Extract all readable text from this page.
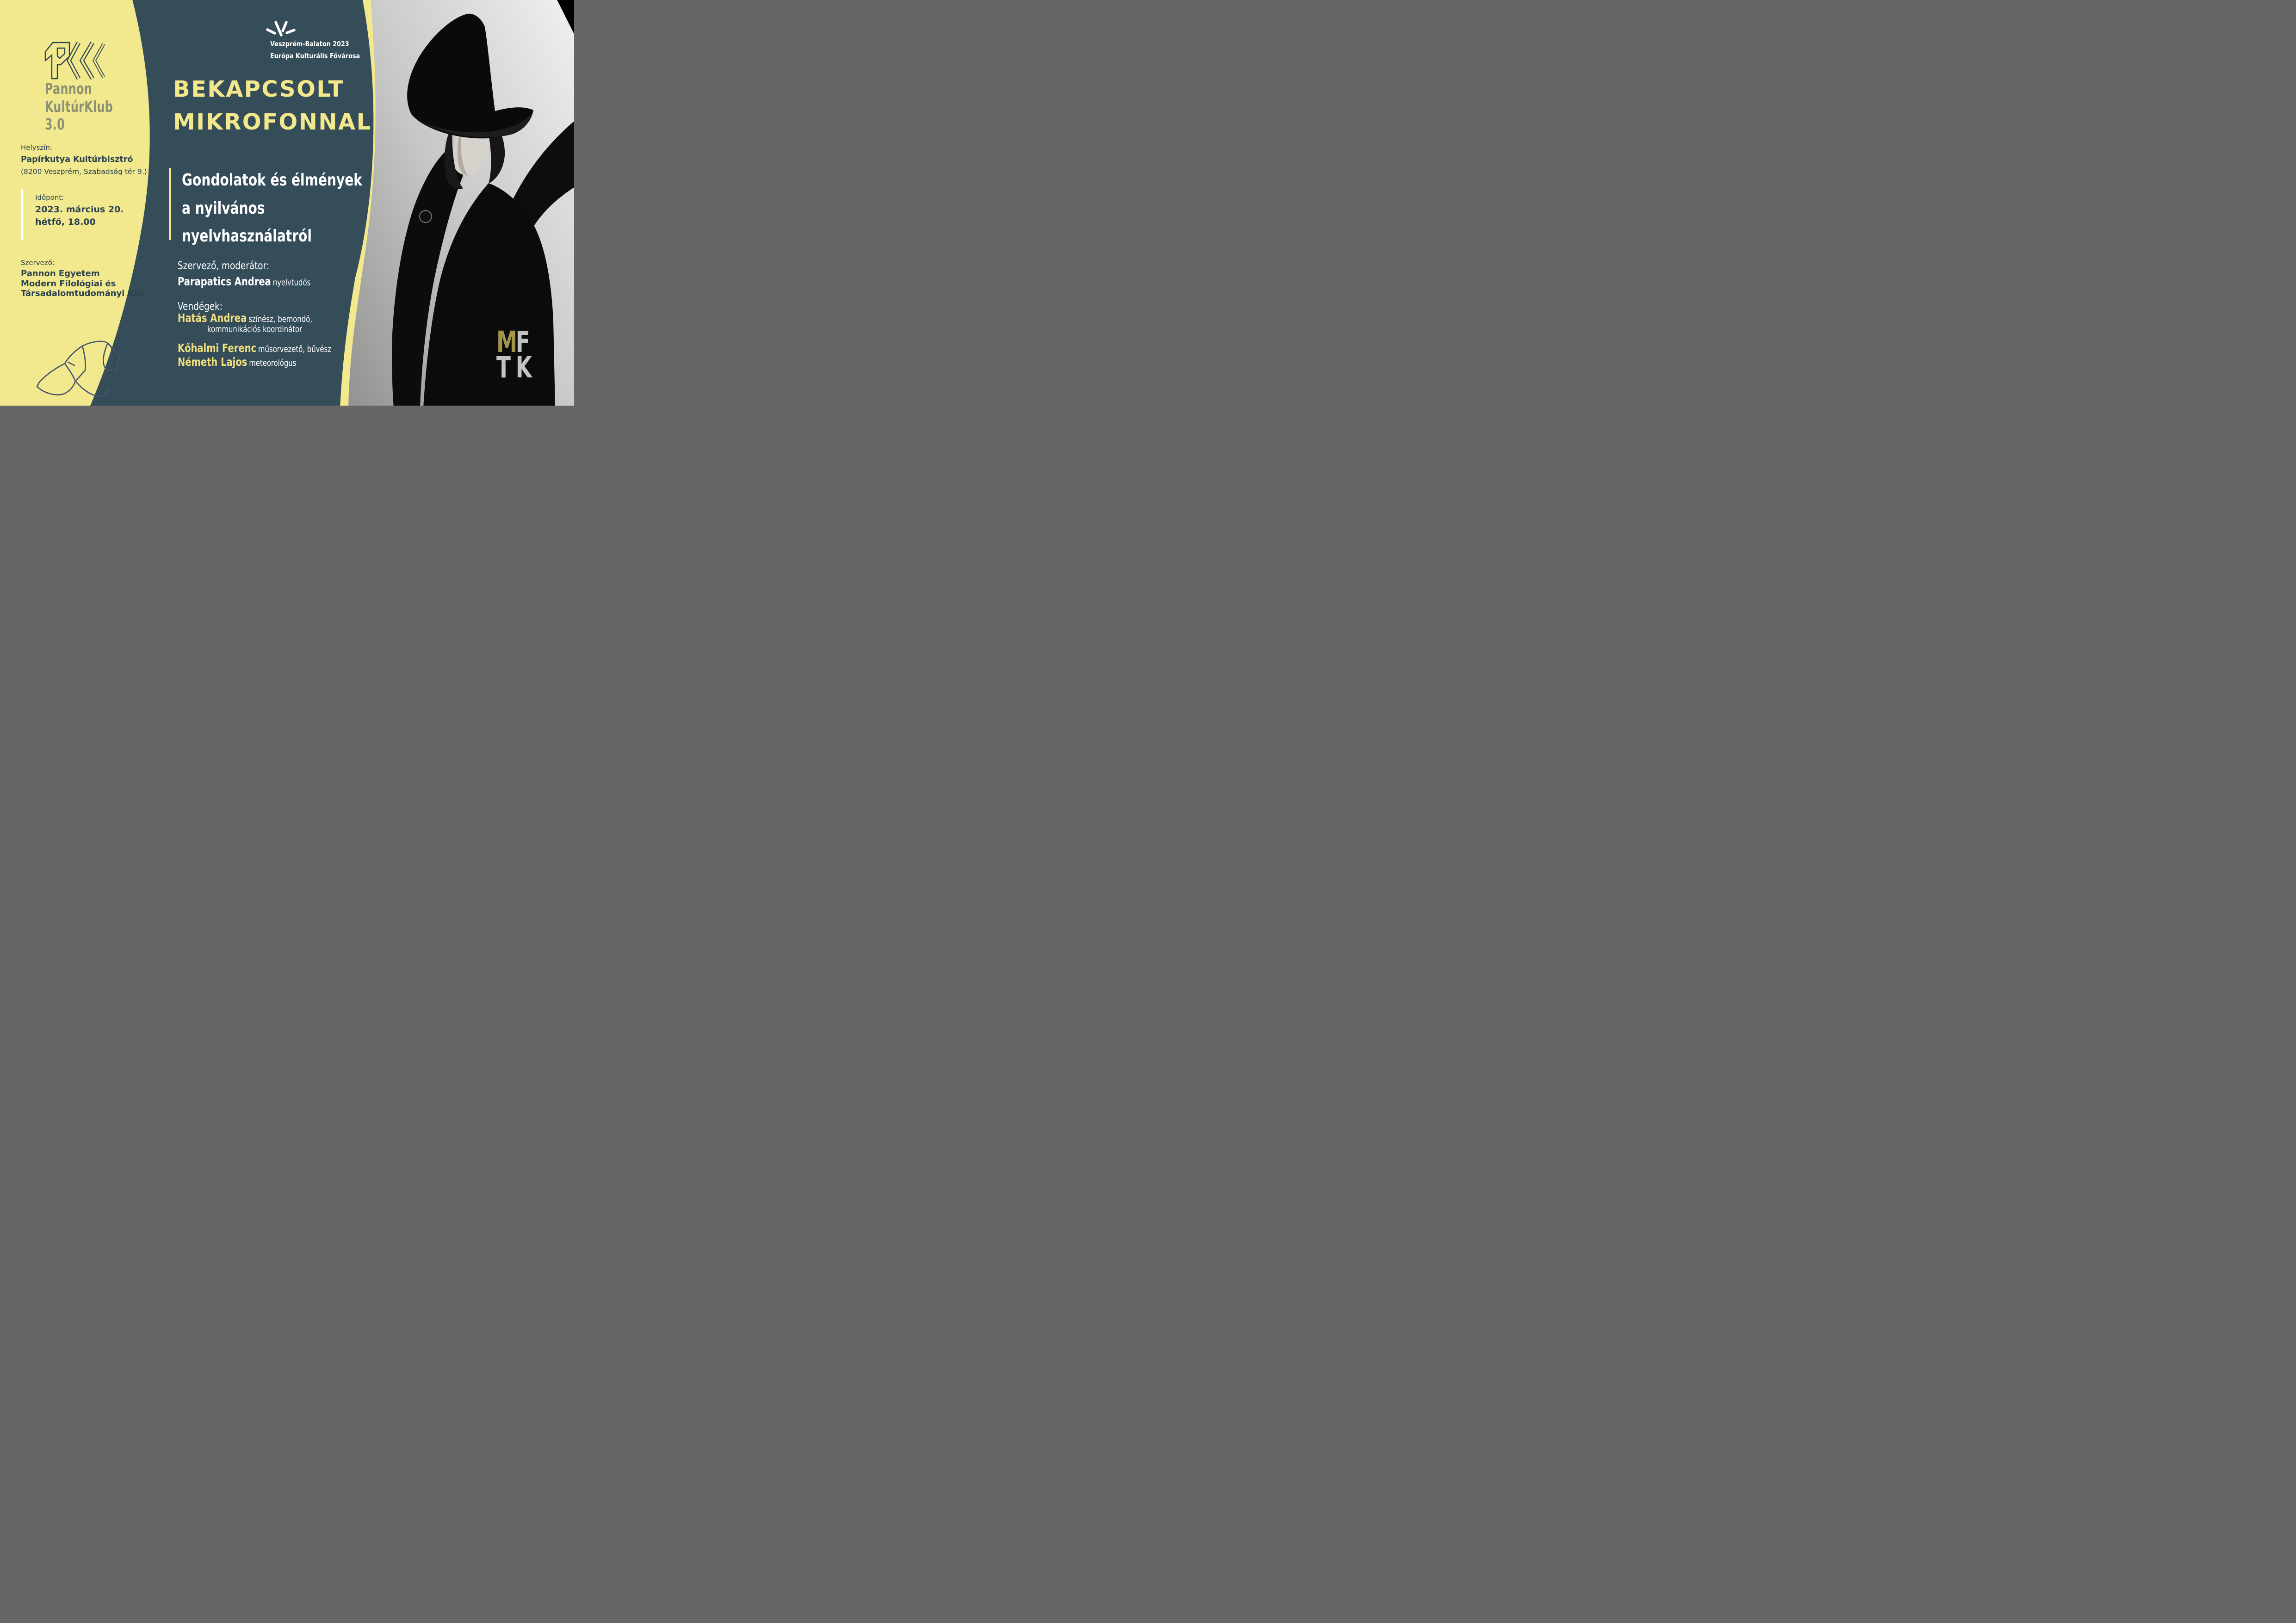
Pannon
KultúrKlub
3.0
Helyszín:
Papírkutya Kultúrbisztró
(8200 Veszprém, Szabadság tér 9.)
Időpont:
2023. március 20.
hétfő, 18.00
Szervező:
Pannon Egyetem
Modern Filológiai és
Társadalomtudományi Kar
Veszprém-Balaton 2023
Európa Kulturális Fővárosa
BEKAPCSOLT
MIKROFONNAL
Gondolatok és élmények
a nyilvános
nyelvhasználatról
Szervező, moderátor:
Parapatics Andrea nyelvtudós
Vendégek:
Hatás Andrea színész, bemondó,
kommunikációs koordinátor
Kőhalmi Ferenc műsorvezető, bűvész
Németh Lajos meteorológus
MF
T K
